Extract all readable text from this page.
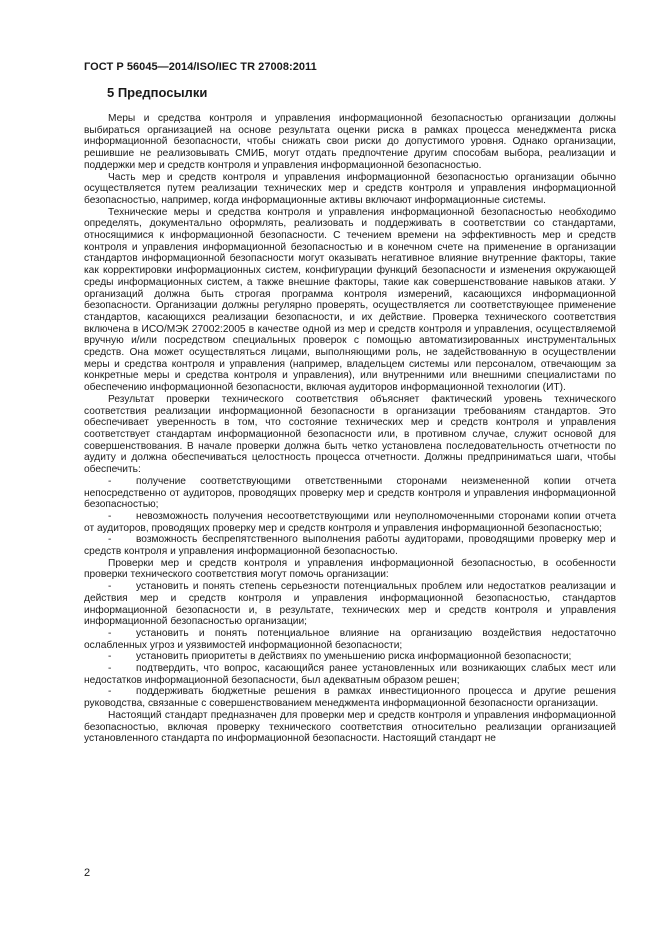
ГОСТ Р 56045—2014/ISO/IEC TR 27008:2011
5 Предпосылки

Меры и средства контроля и управления информационной безопасностью организации должны выбираться организацией на основе результата оценки риска в рамках процесса менеджмента риска информационной безопасности, чтобы снижать свои риски до допустимого уровня. Однако организации, решившие не реализовывать СМИБ, могут отдать предпочтение другим способам выбора, реализации и поддержки мер и средств контроля и управления информационной безопасностью.

Часть мер и средств контроля и управления информационной безопасностью организации обычно осуществляется путем реализации технических мер и средств контроля и управления информационной безопасностью, например, когда информационные активы включают информационные системы.

Технические меры и средства контроля и управления информационной безопасностью необходимо определять, документально оформлять, реализовать и поддерживать в соответствии со стандартами, относящимися к информационной безопасности. С течением времени на эффективность мер и средств контроля и управления информационной безопасностью и в конечном счете на применение в организации стандартов информационной безопасности могут оказывать негативное влияние внутренние факторы, такие как корректировки информационных систем, конфигурации функций безопасности и изменения окружающей среды информационных систем, а также внешние факторы, такие как совершенствование навыков атаки. У организаций должна быть строгая программа контроля измерений, касающихся информационной безопасности. Организации должны регулярно проверять, осуществляется ли соответствующее применение стандартов, касающихся реализации безопасности, и их действие. Проверка технического соответствия включена в ИСО/МЭК 27002:2005 в качестве одной из мер и средств контроля и управления, осуществляемой вручную и/или посредством специальных проверок с помощью автоматизированных инструментальных средств. Она может осуществляться лицами, выполняющими роль, не задействованную в осуществлении меры и средства контроля и управления (например, владельцем системы или персоналом, отвечающим за конкретные меры и средства контроля и управления), или внутренними или внешними специалистами по обеспечению информационной безопасности, включая аудиторов информационной технологии (ИТ).

Результат проверки технического соответствия объясняет фактический уровень технического соответствия реализации информационной безопасности в организации требованиям стандартов. Это обеспечивает уверенность в том, что состояние технических мер и средств контроля и управления соответствует стандартам информационной безопасности или, в противном случае, служит основой для совершенствования. В начале проверки должна быть четко установлена последовательность отчетности по аудиту и должна обеспечиваться целостность процесса отчетности. Должны предприниматься шаги, чтобы обеспечить:

-	получение соответствующими ответственными сторонами неизмененной копии отчета непосредственно от аудиторов, проводящих проверку мер и средств контроля и управления информационной безопасностью;
-	невозможность получения несоответствующими или неуполномоченными сторонами копии отчета от аудиторов, проводящих проверку мер и средств контроля и управления информационной безопасностью;
-	возможность беспрепятственного выполнения работы аудиторами, проводящими проверку мер и средств контроля и управления информационной безопасностью.

Проверки мер и средств контроля и управления информационной безопасностью, в особенности проверки технического соответствия могут помочь организации:

-	установить и понять степень серьезности потенциальных проблем или недостатков реализации и действия мер и средств контроля и управления информационной безопасностью, стандартов информационной безопасности и, в результате, технических мер и средств контроля и управления информационной безопасностью организации;
-	установить и понять потенциальное влияние на организацию воздействия недостаточно ослабленных угроз и уязвимостей информационной безопасности;
-	установить приоритеты в действиях по уменьшению риска информационной безопасности;
-	подтвердить, что вопрос, касающийся ранее установленных или возникающих слабых мест или недостатков информационной безопасности, был адекватным образом решен;
-	поддерживать бюджетные решения в рамках инвестиционного процесса и другие решения руководства, связанные с совершенствованием менеджмента информационной безопасности организации.

Настоящий стандарт предназначен для проверки мер и средств контроля и управления информационной безопасностью, включая проверку технического соответствия относительно реализации организацией установленного стандарта по информационной безопасности. Настоящий стандарт не

2
